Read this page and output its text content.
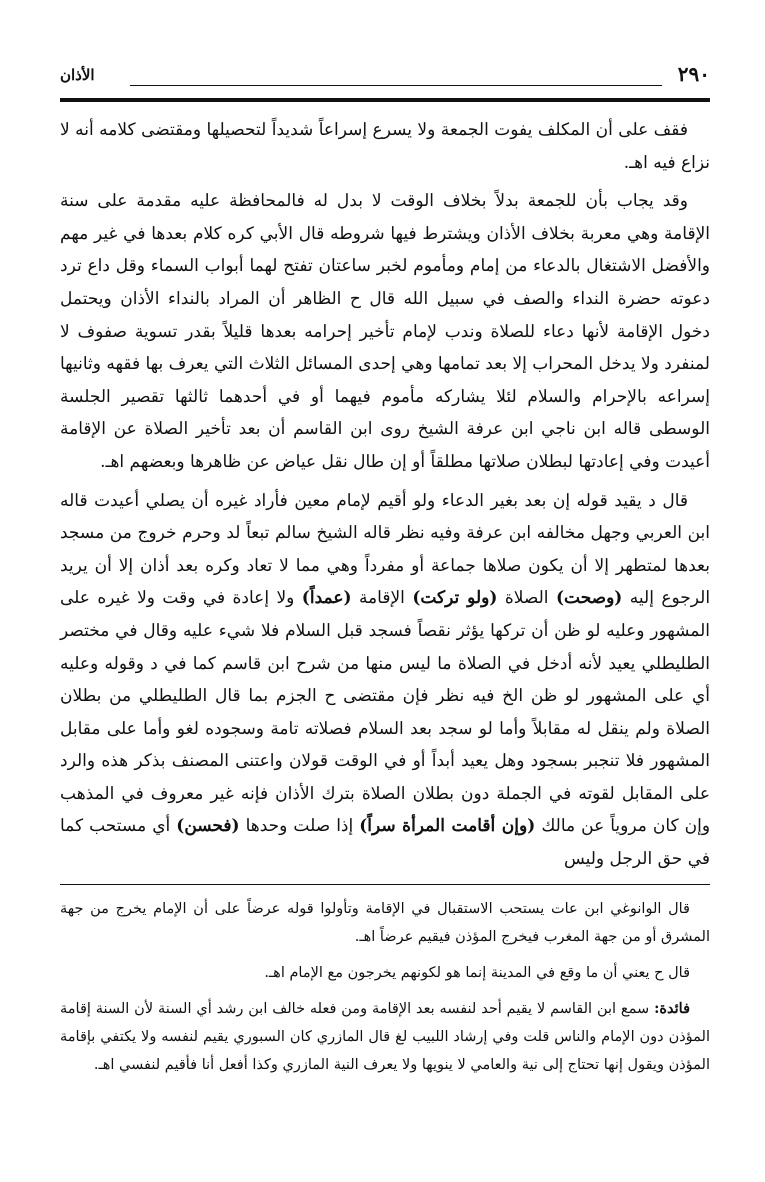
٢٩٠
الأذان

فقف على أن المكلف يفوت الجمعة ولا يسرع إسراعاً شديداً لتحصيلها ومقتضى كلامه أنه لا نزاع فيه اهـ.

وقد يجاب بأن للجمعة بدلاً بخلاف الوقت لا بدل له فالمحافظة عليه مقدمة على سنة الإقامة وهي معربة بخلاف الأذان ويشترط فيها شروطه قال الأبي كره كلام بعدها في غير مهم والأفضل الاشتغال بالدعاء من إمام ومأموم لخبر ساعتان تفتح لهما أبواب السماء وقل داع ترد دعوته حضرة النداء والصف في سبيل الله قال ح الظاهر أن المراد بالنداء الأذان ويحتمل دخول الإقامة لأنها دعاء للصلاة وندب لإمام تأخير إحرامه بعدها قليلاً بقدر تسوية صفوف لا لمنفرد ولا يدخل المحراب إلا بعد تمامها وهي إحدى المسائل الثلاث التي يعرف بها فقهه وثانيها إسراعه بالإحرام والسلام لئلا يشاركه مأموم فيهما أو في أحدهما ثالثها تقصير الجلسة الوسطى قاله ابن ناجي ابن عرفة الشيخ روى ابن القاسم أن بعد تأخير الصلاة عن الإقامة أعيدت وفي إعادتها لبطلان صلاتها مطلقاً أو إن طال نقل عياض عن ظاهرها وبعضهم اهـ.

قال د يقيد قوله إن بعد بغير الدعاء ولو أقيم لإمام معين فأراد غيره أن يصلي أعيدت قاله ابن العربي وجهل مخالفه ابن عرفة وفيه نظر قاله الشيخ سالم تبعاً لد وحرم خروج من مسجد بعدها لمتطهر إلا أن يكون صلاها جماعة أو مفرداً وهي مما لا تعاد وكره بعد أذان إلا أن يريد الرجوع إليه (وصحت) الصلاة (ولو تركت) الإقامة (عمداً) ولا إعادة في وقت ولا غيره على المشهور وعليه لو ظن أن تركها يؤثر نقصاً فسجد قبل السلام فلا شيء عليه وقال في مختصر الطليطلي يعيد لأنه أدخل في الصلاة ما ليس منها من شرح ابن قاسم كما في د وقوله وعليه أي على المشهور لو ظن الخ فيه نظر فإن مقتضى ح الجزم بما قال الطليطلي من بطلان الصلاة ولم ينقل له مقابلاً وأما لو سجد بعد السلام فصلاته تامة وسجوده لغو وأما على مقابل المشهور فلا تنجبر بسجود وهل يعيد أبداً أو في الوقت قولان واعتنى المصنف بذكر هذه والرد على المقابل لقوته في الجملة دون بطلان الصلاة بترك الأذان فإنه غير معروف في المذهب وإن كان مروياً عن مالك (وإن أقامت المرأة سراً) إذا صلت وحدها (فحسن) أي مستحب كما في حق الرجل وليس

قال الوانوغي ابن عات يستحب الاستقبال في الإقامة وتأولوا قوله عرضاً على أن الإمام يخرج من جهة المشرق أو من جهة المغرب فيخرج المؤذن فيقيم عرضاً اهـ.

قال ح يعني أن ما وقع في المدينة إنما هو لكونهم يخرجون مع الإمام اهـ.

فائدة: سمع ابن القاسم لا يقيم أحد لنفسه بعد الإقامة ومن فعله خالف ابن رشد أي السنة لأن السنة إقامة المؤذن دون الإمام والناس قلت وفي إرشاد اللبيب لغ قال المازري كان السبوري يقيم لنفسه ولا يكتفي بإقامة المؤذن ويقول إنها تحتاج إلى نية والعامي لا ينويها ولا يعرف النية المازري وكذا أفعل أنا فأقيم لنفسي اهـ.
